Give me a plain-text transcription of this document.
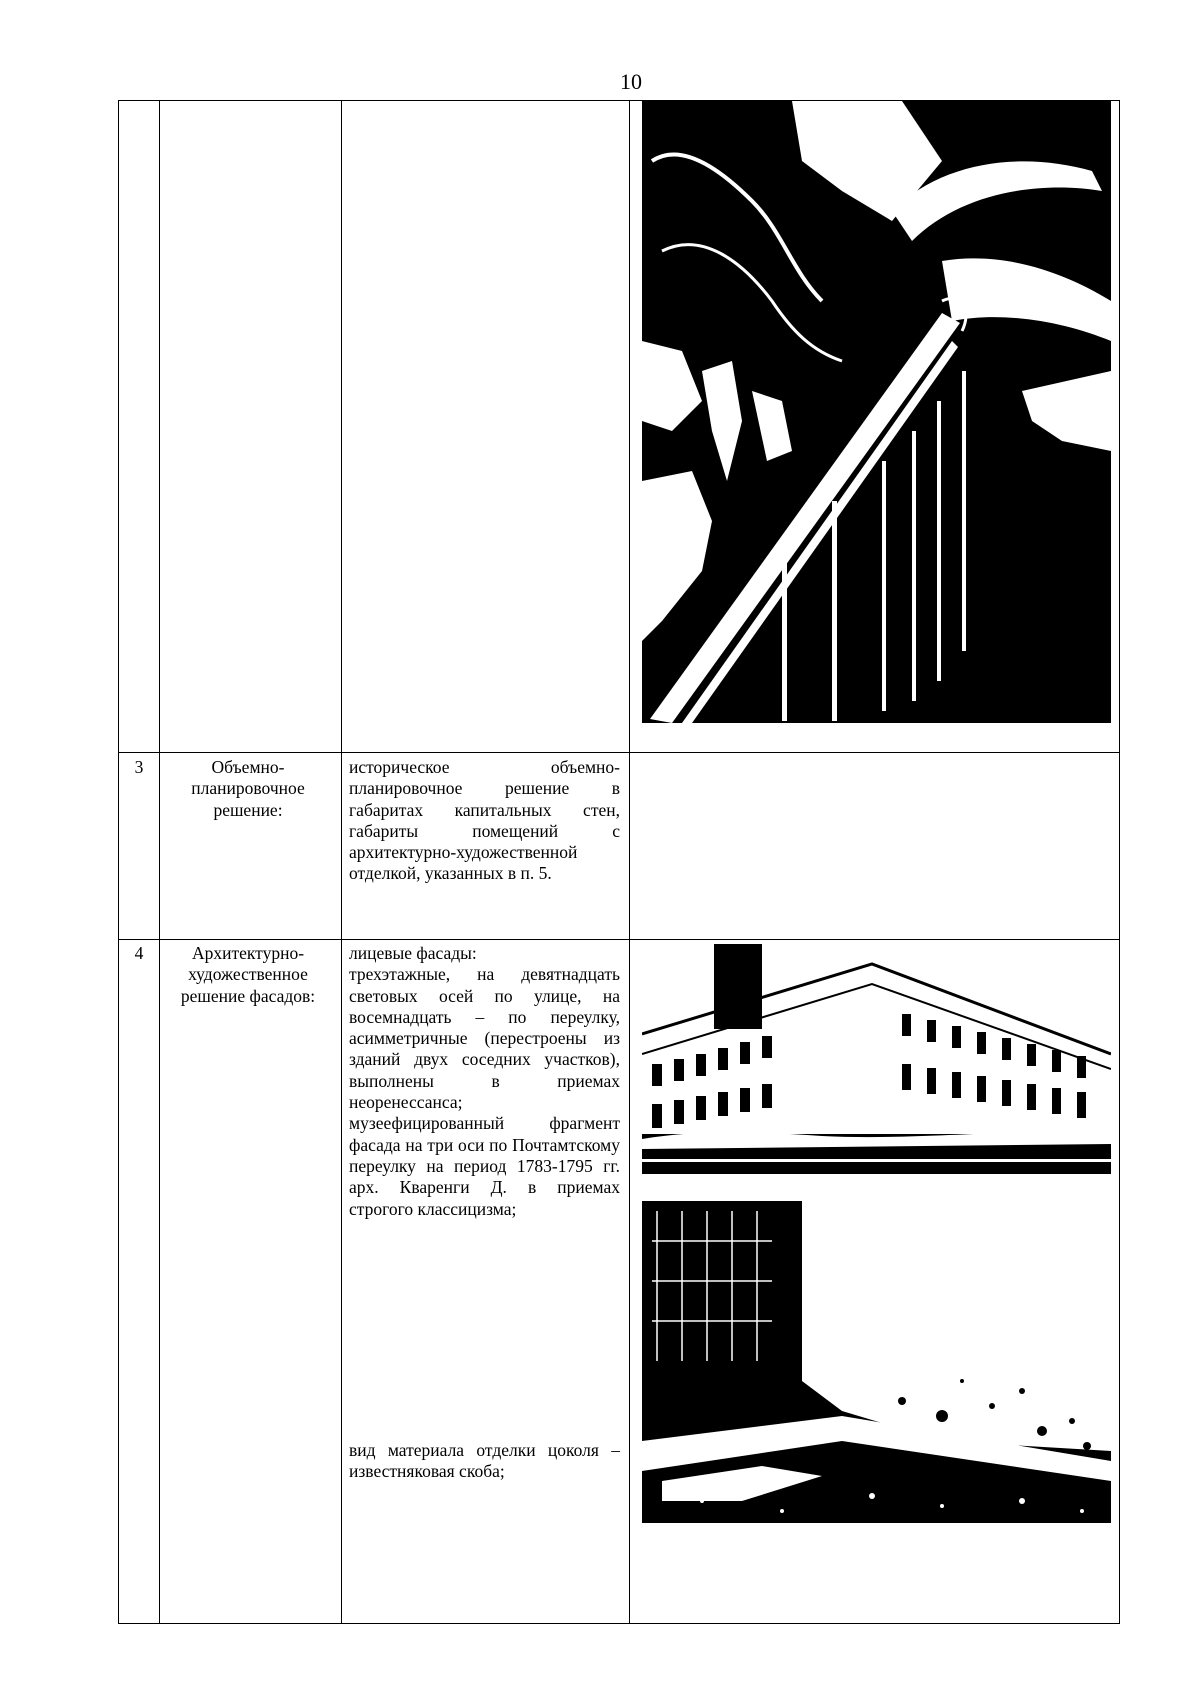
10
3	Объемно-
планировочное
решение:
историческое объемно-планировочное решение в габаритах капитальных стен, габариты помещений с архитектурно-художественной отделкой, указанных в п. 5.
4	Архитектурно-
художественное
решение фасадов:
лицевые фасады:
трехэтажные, на девятнадцать световых осей по улице, на восемнадцать – по переулку, асимметричные (перестроены из зданий двух соседних участков), выполнены в приемах неоренессанса;
музеефицированный фрагмент фасада на три оси по Почтамтскому переулку на период 1783-1795 гг. арх. Кваренги Д. в приемах строгого классицизма;
вид материала отделки цоколя – известняковая скоба;
